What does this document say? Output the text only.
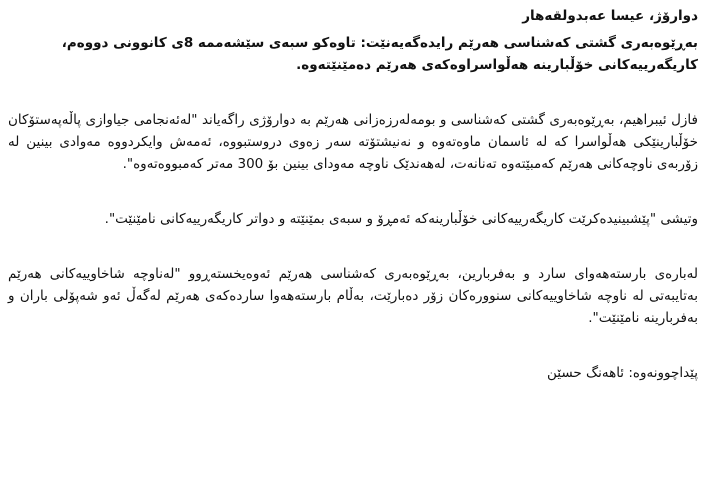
دوارۆژ، عیسا عەبدولقەهار

بەڕێوەبەری گشتی کەشناسی هەرێم رایدەگەیەنێت: تاوەکو سبەی سێشەممە 8ی کانوونی دووەم، کاریگەرییەکانی خۆڵبارینە هەڵواسراوەکەی هەرێم دەمێنێتەوە.

فازل ئیبراهیم، بەڕێوەبەری گشتی کەشناسی و بومەلەرزەزانی هەرێم بە دوارۆژی راگەیاند "لەئەنجامی جیاوازی پاڵەپەستۆکان خۆڵبارینێکی هەڵواسرا کە لە ئاسمان ماوەتەوە و نەنیشتۆتە سەر زەوی دروستبووە، ئەمەش وایکردووە مەوادی بینین لە زۆربەی ناوچەکانی هەرێم کەمبێتەوە تەنانەت، لەهەندێک ناوچە مەودای بینین بۆ 300 مەتر کەمبووەتەوە".

وتیشی "پێشبینیدەکرێت کاریگەرییەکانی خۆڵبارینەکە ئەمڕۆ و سبەی بمێنێتە و دواتر کاریگەرییەکانی نامێنێت".

لەبارەی بارستەهەوای سارد و بەفربارین، بەڕێوەبەری کەشناسی هەرێم ئەوەیخستەڕوو "لەناوچە شاخاوییەکانی هەرێم بەتایبەتی لە ناوچە شاخاوییەکانی سنوورەکان زۆر دەبارێت، بەڵام بارستەهەوا ساردەکەی هەرێم لەگەڵ ئەو شەپۆلی باران و بەفربارینە نامێنێت".

پێداچوونەوە: ئاهەنگ حسێن
